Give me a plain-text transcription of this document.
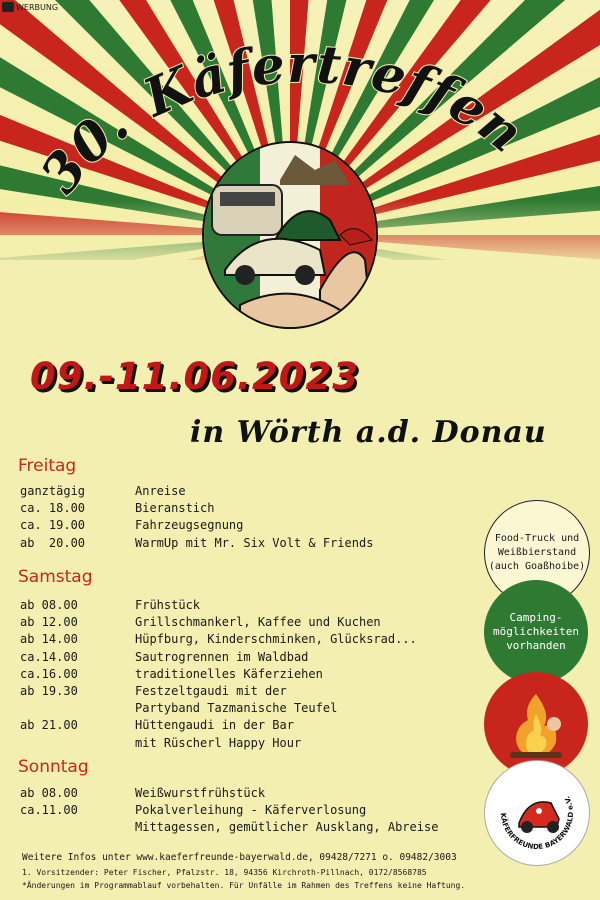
WERBUNG
30. Käfertreffen
09.-11.06.2023
in Wörth a.d. Donau
Freitag
ganztägig	Anreise
ca. 18.00	Bieranstich
ca. 19.00	Fahrzeugsegnung
ab  20.00	WarmUp mit Mr. Six Volt & Friends
Samstag
ab 08.00	Frühstück
ab 12.00	Grillschmankerl, Kaffee und Kuchen
ab 14.00	Hüpfburg, Kinderschminken, Glücksrad...
ca.14.00	Sautrogrennen im Waldbad
ca.16.00	traditionelles Käferziehen
ab 19.30	Festzeltgaudi mit der
Partyband Tazmanische Teufel
ab 21.00	Hüttengaudi in der Bar
mit Rüscherl Happy Hour
Sonntag
ab 08.00	Weißwurstfrühstück
ca.11.00	Pokalverleihung - Käferverlosung
Mittagessen, gemütlicher Ausklang, Abreise
Food-Truck und
Weißbierstand
(auch Goaßhoibe)
Camping-
möglichkeiten
vorhanden
KÄFERFREUNDE BAYERWALD e.V.
Weitere Infos unter www.kaeferfreunde-bayerwald.de, 09428/7271 o. 09482/3003
1. Vorsitzender: Peter Fischer, Pfalzstr. 18, 94356 Kirchroth-Pillnach, 0172/8568785
*Änderungen im Programmablauf vorbehalten. Für Unfälle im Rahmen des Treffens keine Haftung.
